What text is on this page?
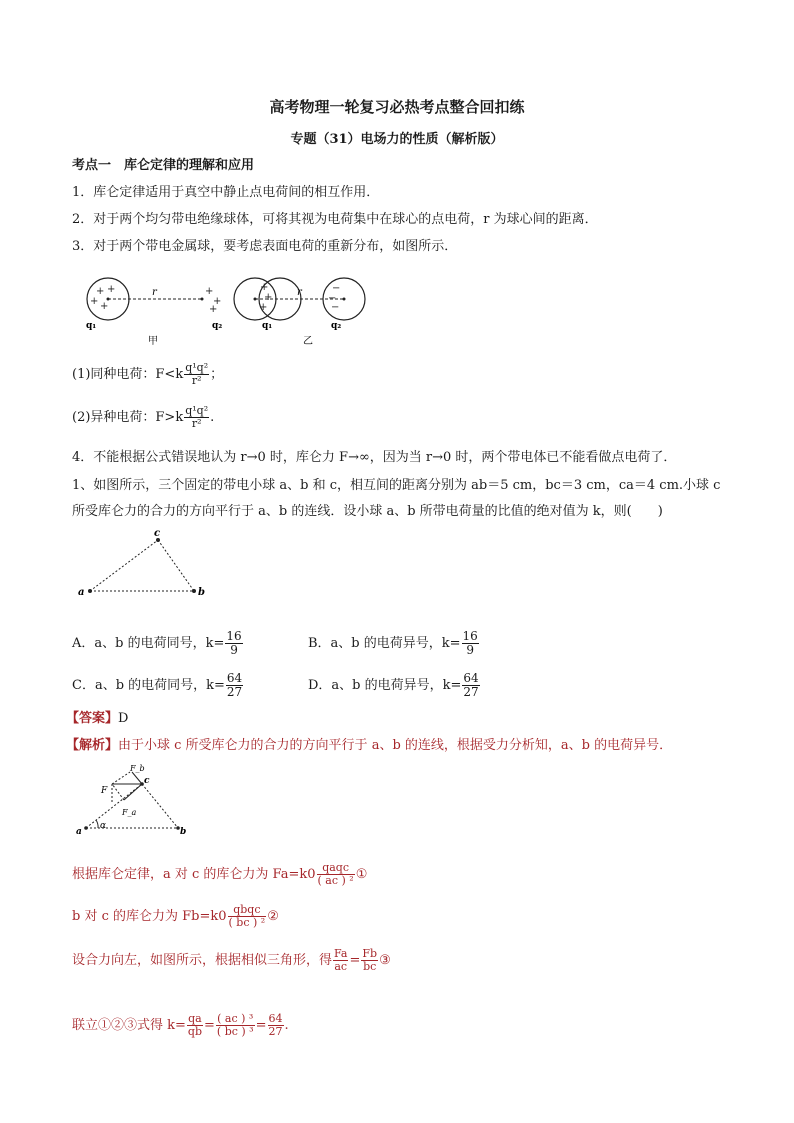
高考物理一轮复习必热考点整合回扣练
专题（31）电场力的性质（解析版）
考点一　库仑定律的理解和应用
1．库仑定律适用于真空中静止点电荷间的相互作用．
2．对于两个均匀带电绝缘球体，可将其视为电荷集中在球心的点电荷，r 为球心间的距离．
3．对于两个带电金属球，要考虑表面电荷的重新分布，如图所示．
+ +
+ +
+
+
+
+
+
+
−
−
−
r	r
q₁	q₂	q₁	q₂
甲	乙
(1)同种电荷：$F<k \frac{\text{q¹q²}}{\text{r²}}$ ；
(2)异种电荷：$F>k \frac{\text{q¹q²}}{\text{r²}}$ .
4．不能根据公式错误地认为 r→0 时，库仑力 F→∞，因为当 r→0 时，两个带电体已不能看做点电荷了．
1、如图所示，三个固定的带电小球 a、b 和 c，相互间的距离分别为 ab＝5 cm，bc＝3 cm，ca＝4 cm.小球 c
所受库仑力的合力的方向平行于 a、b 的连线．设小球 a、b 所带电荷量的比值的绝对值为 k，则(　　)
a	b
c
A．a、b 的电荷同号，$k= \frac{16}{9}$	B．a、b 的电荷异号，$k= \frac{16}{9}$
C．a、b 的电荷同号，$k= \frac{64}{27}$	D．a、b 的电荷异号，$k= \frac{64}{27}$
【答案】D
【解析】由于小球 c 所受库仑力的合力的方向平行于 a、b 的连线，根据受力分析知，a、b 的电荷异号．
F_b
F
c
F_a
α
a	b
根据库仑定律，a 对 c 的库仑力为 $Fa=k0 \frac{\text{qaqc}}{\text{( ac ) ²}}$ ①
b 对 c 的库仑力为 $Fb=k0 \frac{\text{qbqc}}{\text{( bc ) ²}}$ ②
设合力向左，如图所示，根据相似三角形，得 $\frac{Fa}{ac} = \frac{Fb}{bc}$ ③
联立①②③式得 $k= \frac{qa}{qb} = \frac{\text{( ac ) ³}}{\text{( bc ) ³}} = \frac{64}{27}$ .
